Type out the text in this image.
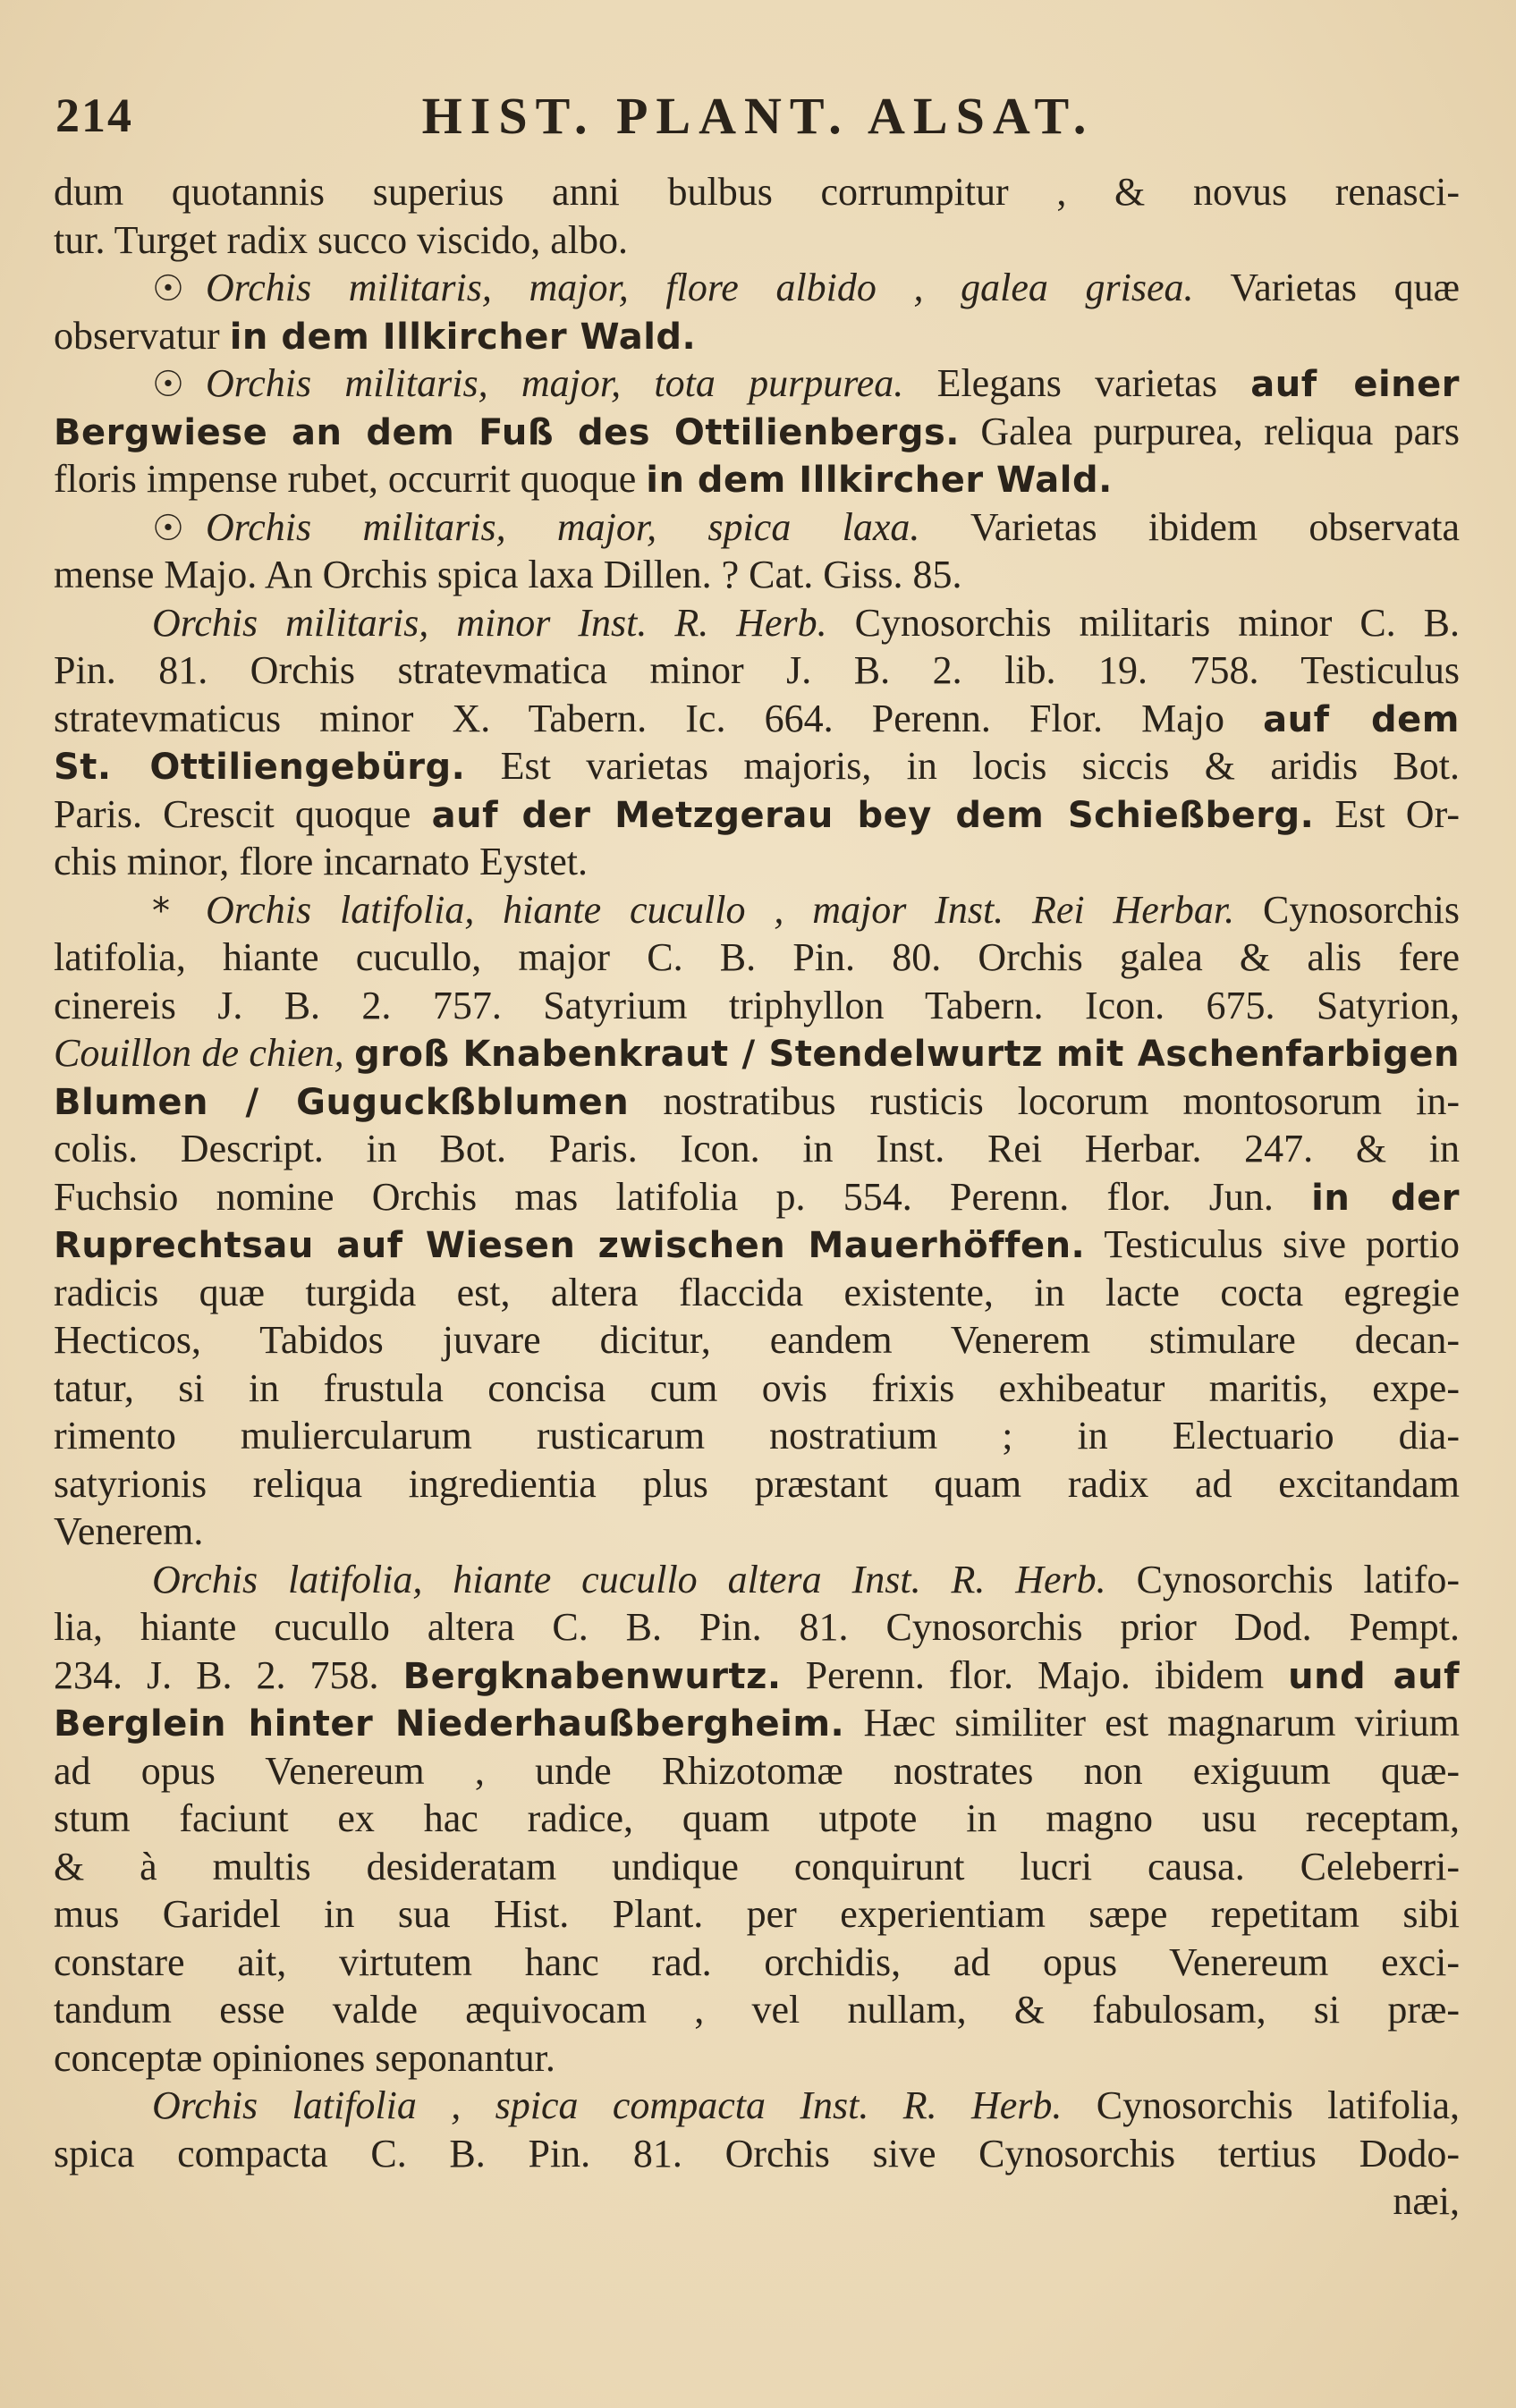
214	HIST. PLANT. ALSAT.
dum quotannis superius anni bulbus corrumpitur , & novus renasci-
tur. Turget radix succo viscido, albo.
☉ Orchis militaris, major, flore albido , galea grisea. Varietas quæ
observatur in dem Illkircher Wald.
☉ Orchis militaris, major, tota purpurea. Elegans varietas auf einer
Bergwiese an dem Fuß des Ottilienbergs. Galea purpurea, reliqua pars
floris impense rubet, occurrit quoque in dem Illkircher Wald.
☉ Orchis militaris, major, spica laxa. Varietas ibidem observata
mense Majo. An Orchis spica laxa Dillen. ? Cat. Giss. 85.
Orchis militaris, minor Inst. R. Herb. Cynosorchis militaris minor C. B.
Pin. 81. Orchis stratevmatica minor J. B. 2. lib. 19. 758. Testiculus
stratevmaticus minor X. Tabern. Ic. 664. Perenn. Flor. Majo auf dem
St. Ottiliengebürg. Est varietas majoris, in locis siccis & aridis Bot.
Paris. Crescit quoque auf der Metzgerau bey dem Schießberg. Est Or-
chis minor, flore incarnato Eystet.
* Orchis latifolia, hiante cucullo , major Inst. Rei Herbar. Cynosorchis
latifolia, hiante cucullo, major C. B. Pin. 80. Orchis galea & alis fere
cinereis J. B. 2. 757. Satyrium triphyllon Tabern. Icon. 675. Satyrion,
Couillon de chien, groß Knabenkraut / Stendelwurtz mit Aschenfarbigen
Blumen / Guguckßblumen nostratibus rusticis locorum montosorum in-
colis. Descript. in Bot. Paris. Icon. in Inst. Rei Herbar. 247. & in
Fuchsio nomine Orchis mas latifolia p. 554. Perenn. flor. Jun. in der
Ruprechtsau auf Wiesen zwischen Mauerhöffen. Testiculus sive portio
radicis quæ turgida est, altera flaccida existente, in lacte cocta egregie
Hecticos, Tabidos juvare dicitur, eandem Venerem stimulare decan-
tatur, si in frustula concisa cum ovis frixis exhibeatur maritis, expe-
rimento muliercularum rusticarum nostratium ; in Electuario dia-
satyrionis reliqua ingredientia plus præstant quam radix ad excitandam
Venerem.
Orchis latifolia, hiante cucullo altera Inst. R. Herb. Cynosorchis latifo-
lia, hiante cucullo altera C. B. Pin. 81. Cynosorchis prior Dod. Pempt.
234. J. B. 2. 758. Bergknabenwurtz. Perenn. flor. Majo. ibidem und auf
Berglein hinter Niederhaußbergheim. Hæc similiter est magnarum virium
ad opus Venereum , unde Rhizotomæ nostrates non exiguum quæ-
stum faciunt ex hac radice, quam utpote in magno usu receptam,
& à multis desideratam undique conquirunt lucri causa. Celeberri-
mus Garidel in sua Hist. Plant. per experientiam sæpe repetitam sibi
constare ait, virtutem hanc rad. orchidis, ad opus Venereum exci-
tandum esse valde æquivocam , vel nullam, & fabulosam, si præ-
conceptæ opiniones seponantur.
Orchis latifolia , spica compacta Inst. R. Herb. Cynosorchis latifolia,
spica compacta C. B. Pin. 81. Orchis sive Cynosorchis tertius Dodo-
næi,
